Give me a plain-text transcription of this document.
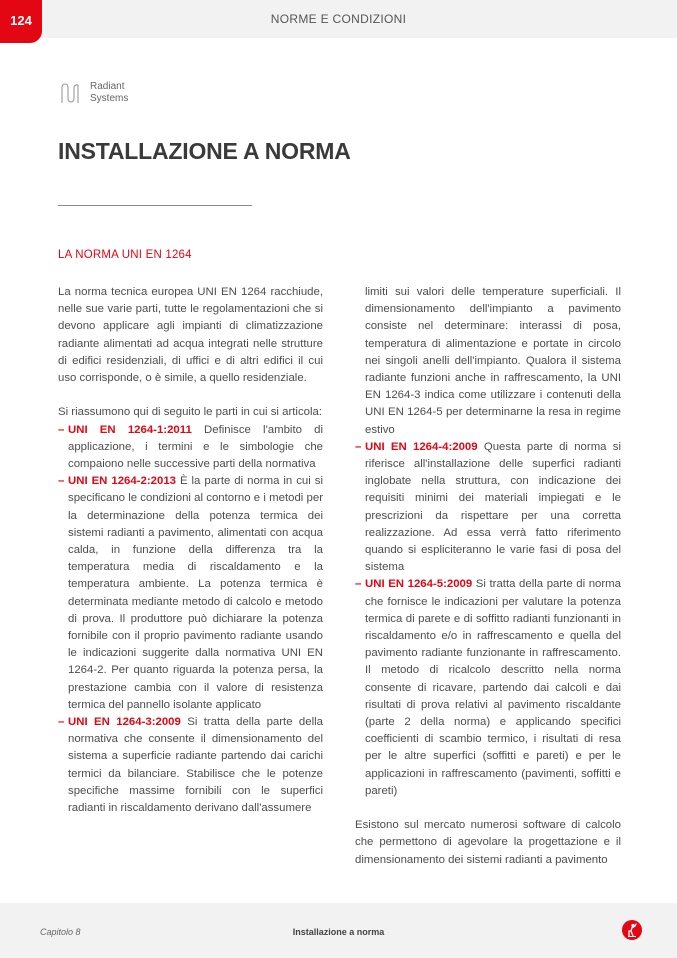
NORME E CONDIZIONI
124
Radiant
Systems
INSTALLAZIONE A NORMA
LA NORMA UNI EN 1264

La norma tecnica europea UNI EN 1264 racchiude, nelle sue varie parti, tutte le regolamentazioni che si devono applicare agli impianti di climatizzazione radiante alimentati ad acqua integrati nelle strutture di edifici residenziali, di uffici e di altri edifici il cui uso corrisponde, o è simile, a quello residenziale.

Si riassumono qui di seguito le parti in cui si articola:

– UNI EN 1264-1:2011 Definisce l'ambito di applicazione, i termini e le simbologie che compaiono nelle successive parti della normativa
– UNI EN 1264-2:2013 È la parte di norma in cui si specificano le condizioni al contorno e i metodi per la determinazione della potenza termica dei sistemi radianti a pavimento, alimentati con acqua calda, in funzione della differenza tra la temperatura media di riscaldamento e la temperatura ambiente. La potenza termica è determinata mediante metodo di calcolo e metodo di prova. Il produttore può dichiarare la potenza fornibile con il proprio pavimento radiante usando le indicazioni suggerite dalla normativa UNI EN 1264-2. Per quanto riguarda la potenza persa, la prestazione cambia con il valore di resistenza termica del pannello isolante applicato
– UNI EN 1264-3:2009 Si tratta della parte della normativa che consente il dimensionamento del sistema a superficie radiante partendo dai carichi termici da bilanciare. Stabilisce che le potenze specifiche massime fornibili con le superfici radianti in riscaldamento derivano dall'assumere
limiti sui valori delle temperature superficiali. Il dimensionamento dell'impianto a pavimento consiste nel determinare: interassi di posa, temperatura di alimentazione e portate in circolo nei singoli anelli dell'impianto. Qualora il sistema radiante funzioni anche in raffrescamento, la UNI EN 1264-3 indica come utilizzare i contenuti della UNI EN 1264-5 per determinarne la resa in regime estivo
– UNI EN 1264-4:2009 Questa parte di norma si riferisce all'installazione delle superfici radianti inglobate nella struttura, con indicazione dei requisiti minimi dei materiali impiegati e le prescrizioni da rispettare per una corretta realizzazione. Ad essa verrà fatto riferimento quando si espliciteranno le varie fasi di posa del sistema
– UNI EN 1264-5:2009 Si tratta della parte di norma che fornisce le indicazioni per valutare la potenza termica di parete e di soffitto radianti funzionanti in riscaldamento e/o in raffrescamento e quella del pavimento radiante funzionante in raffrescamento. Il metodo di ricalcolo descritto nella norma consente di ricavare, partendo dai calcoli e dai risultati di prova relativi al pavimento riscaldante (parte 2 della norma) e applicando specifici coefficienti di scambio termico, i risultati di resa per le altre superfici (soffitti e pareti) e per le applicazioni in raffrescamento (pavimenti, soffitti e pareti)

Esistono sul mercato numerosi software di calcolo che permettono di agevolare la progettazione e il dimensionamento dei sistemi radianti a pavimento

Capitolo 8	Installazione a norma
